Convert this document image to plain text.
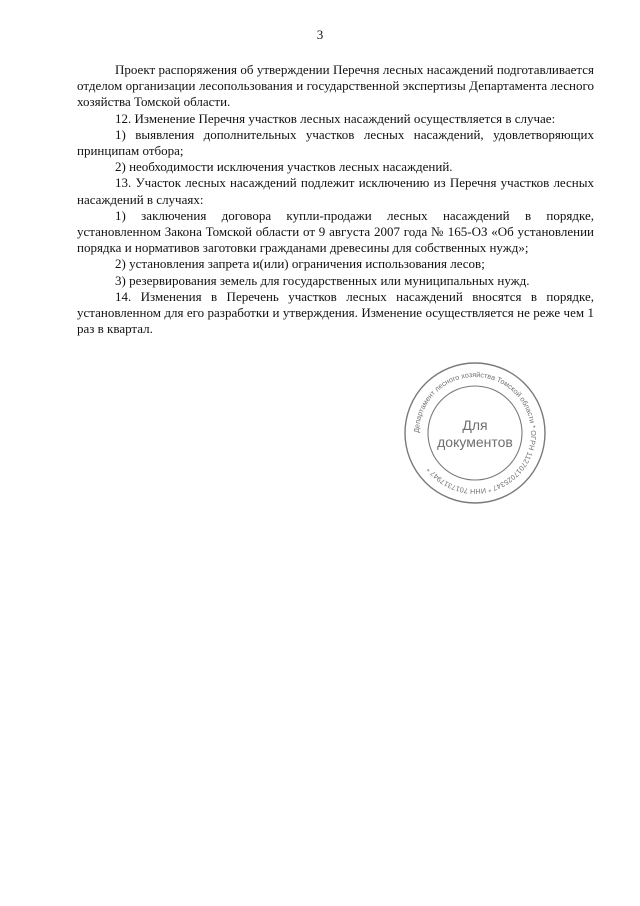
3

Проект распоряжения об утверждении Перечня лесных насаждений подготавливается отделом организации лесопользования и государственной экспертизы Департамента лесного хозяйства Томской области.

12. Изменение Перечня участков лесных насаждений осуществляется в случае:

1) выявления дополнительных участков лесных насаждений, удовлетворяющих принципам отбора;

2) необходимости исключения участков лесных насаждений.

13. Участок лесных насаждений подлежит исключению из Перечня участков лесных насаждений в случаях:

1) заключения договора купли-продажи лесных насаждений в порядке, установленном Закона Томской области от 9 августа 2007 года № 165-ОЗ «Об установлении порядка и нормативов заготовки гражданами древесины для собственных нужд»;

2) установления запрета и(или) ограничения использования лесов;

3) резервирования земель для государственных или муниципальных нужд.

14. Изменения в Перечень участков лесных насаждений вносятся в порядке, установленном для его разработки и утверждения. Изменение осуществляется не реже чем 1 раз в квартал.

Департамент лесного хозяйства Томской области * ОГРН 1127017025347 * ИНН 7017317947 *
Для
документов
